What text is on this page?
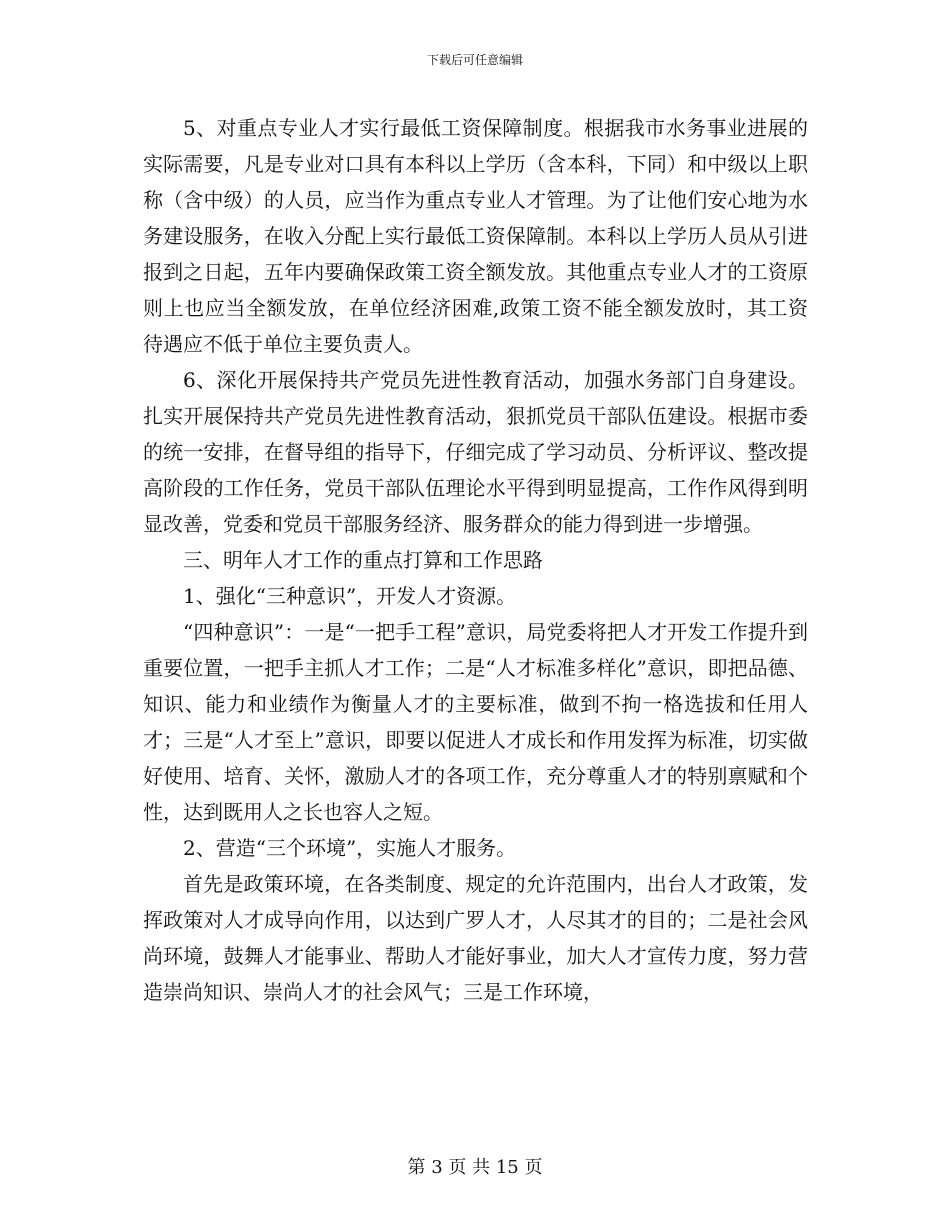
下载后可任意编辑

5、对重点专业人才实行最低工资保障制度。根据我市水务事业进展的实际需要，凡是专业对口具有本科以上学历（含本科，下同）和中级以上职称（含中级）的人员，应当作为重点专业人才管理。为了让他们安心地为水务建设服务，在收入分配上实行最低工资保障制。本科以上学历人员从引进报到之日起，五年内要确保政策工资全额发放。其他重点专业人才的工资原则上也应当全额发放，在单位经济困难,政策工资不能全额发放时，其工资待遇应不低于单位主要负责人。

6、深化开展保持共产党员先进性教育活动，加强水务部门自身建设。扎实开展保持共产党员先进性教育活动，狠抓党员干部队伍建设。根据市委的统一安排，在督导组的指导下，仔细完成了学习动员、分析评议、整改提高阶段的工作任务，党员干部队伍理论水平得到明显提高，工作作风得到明显改善，党委和党员干部服务经济、服务群众的能力得到进一步增强。

三、明年人才工作的重点打算和工作思路

1、强化“三种意识”，开发人才资源。

“四种意识”：一是“一把手工程”意识，局党委将把人才开发工作提升到重要位置，一把手主抓人才工作；二是“人才标准多样化”意识，即把品德、知识、能力和业绩作为衡量人才的主要标准，做到不拘一格选拔和任用人才；三是“人才至上”意识，即要以促进人才成长和作用发挥为标准，切实做好使用、培育、关怀，激励人才的各项工作，充分尊重人才的特别禀赋和个性，达到既用人之长也容人之短。

2、营造“三个环境”，实施人才服务。

首先是政策环境，在各类制度、规定的允许范围内，出台人才政策，发挥政策对人才成导向作用，以达到广罗人才，人尽其才的目的；二是社会风尚环境，鼓舞人才能事业、帮助人才能好事业，加大人才宣传力度，努力营造崇尚知识、崇尚人才的社会风气；三是工作环境，

第 3 页 共 15 页
